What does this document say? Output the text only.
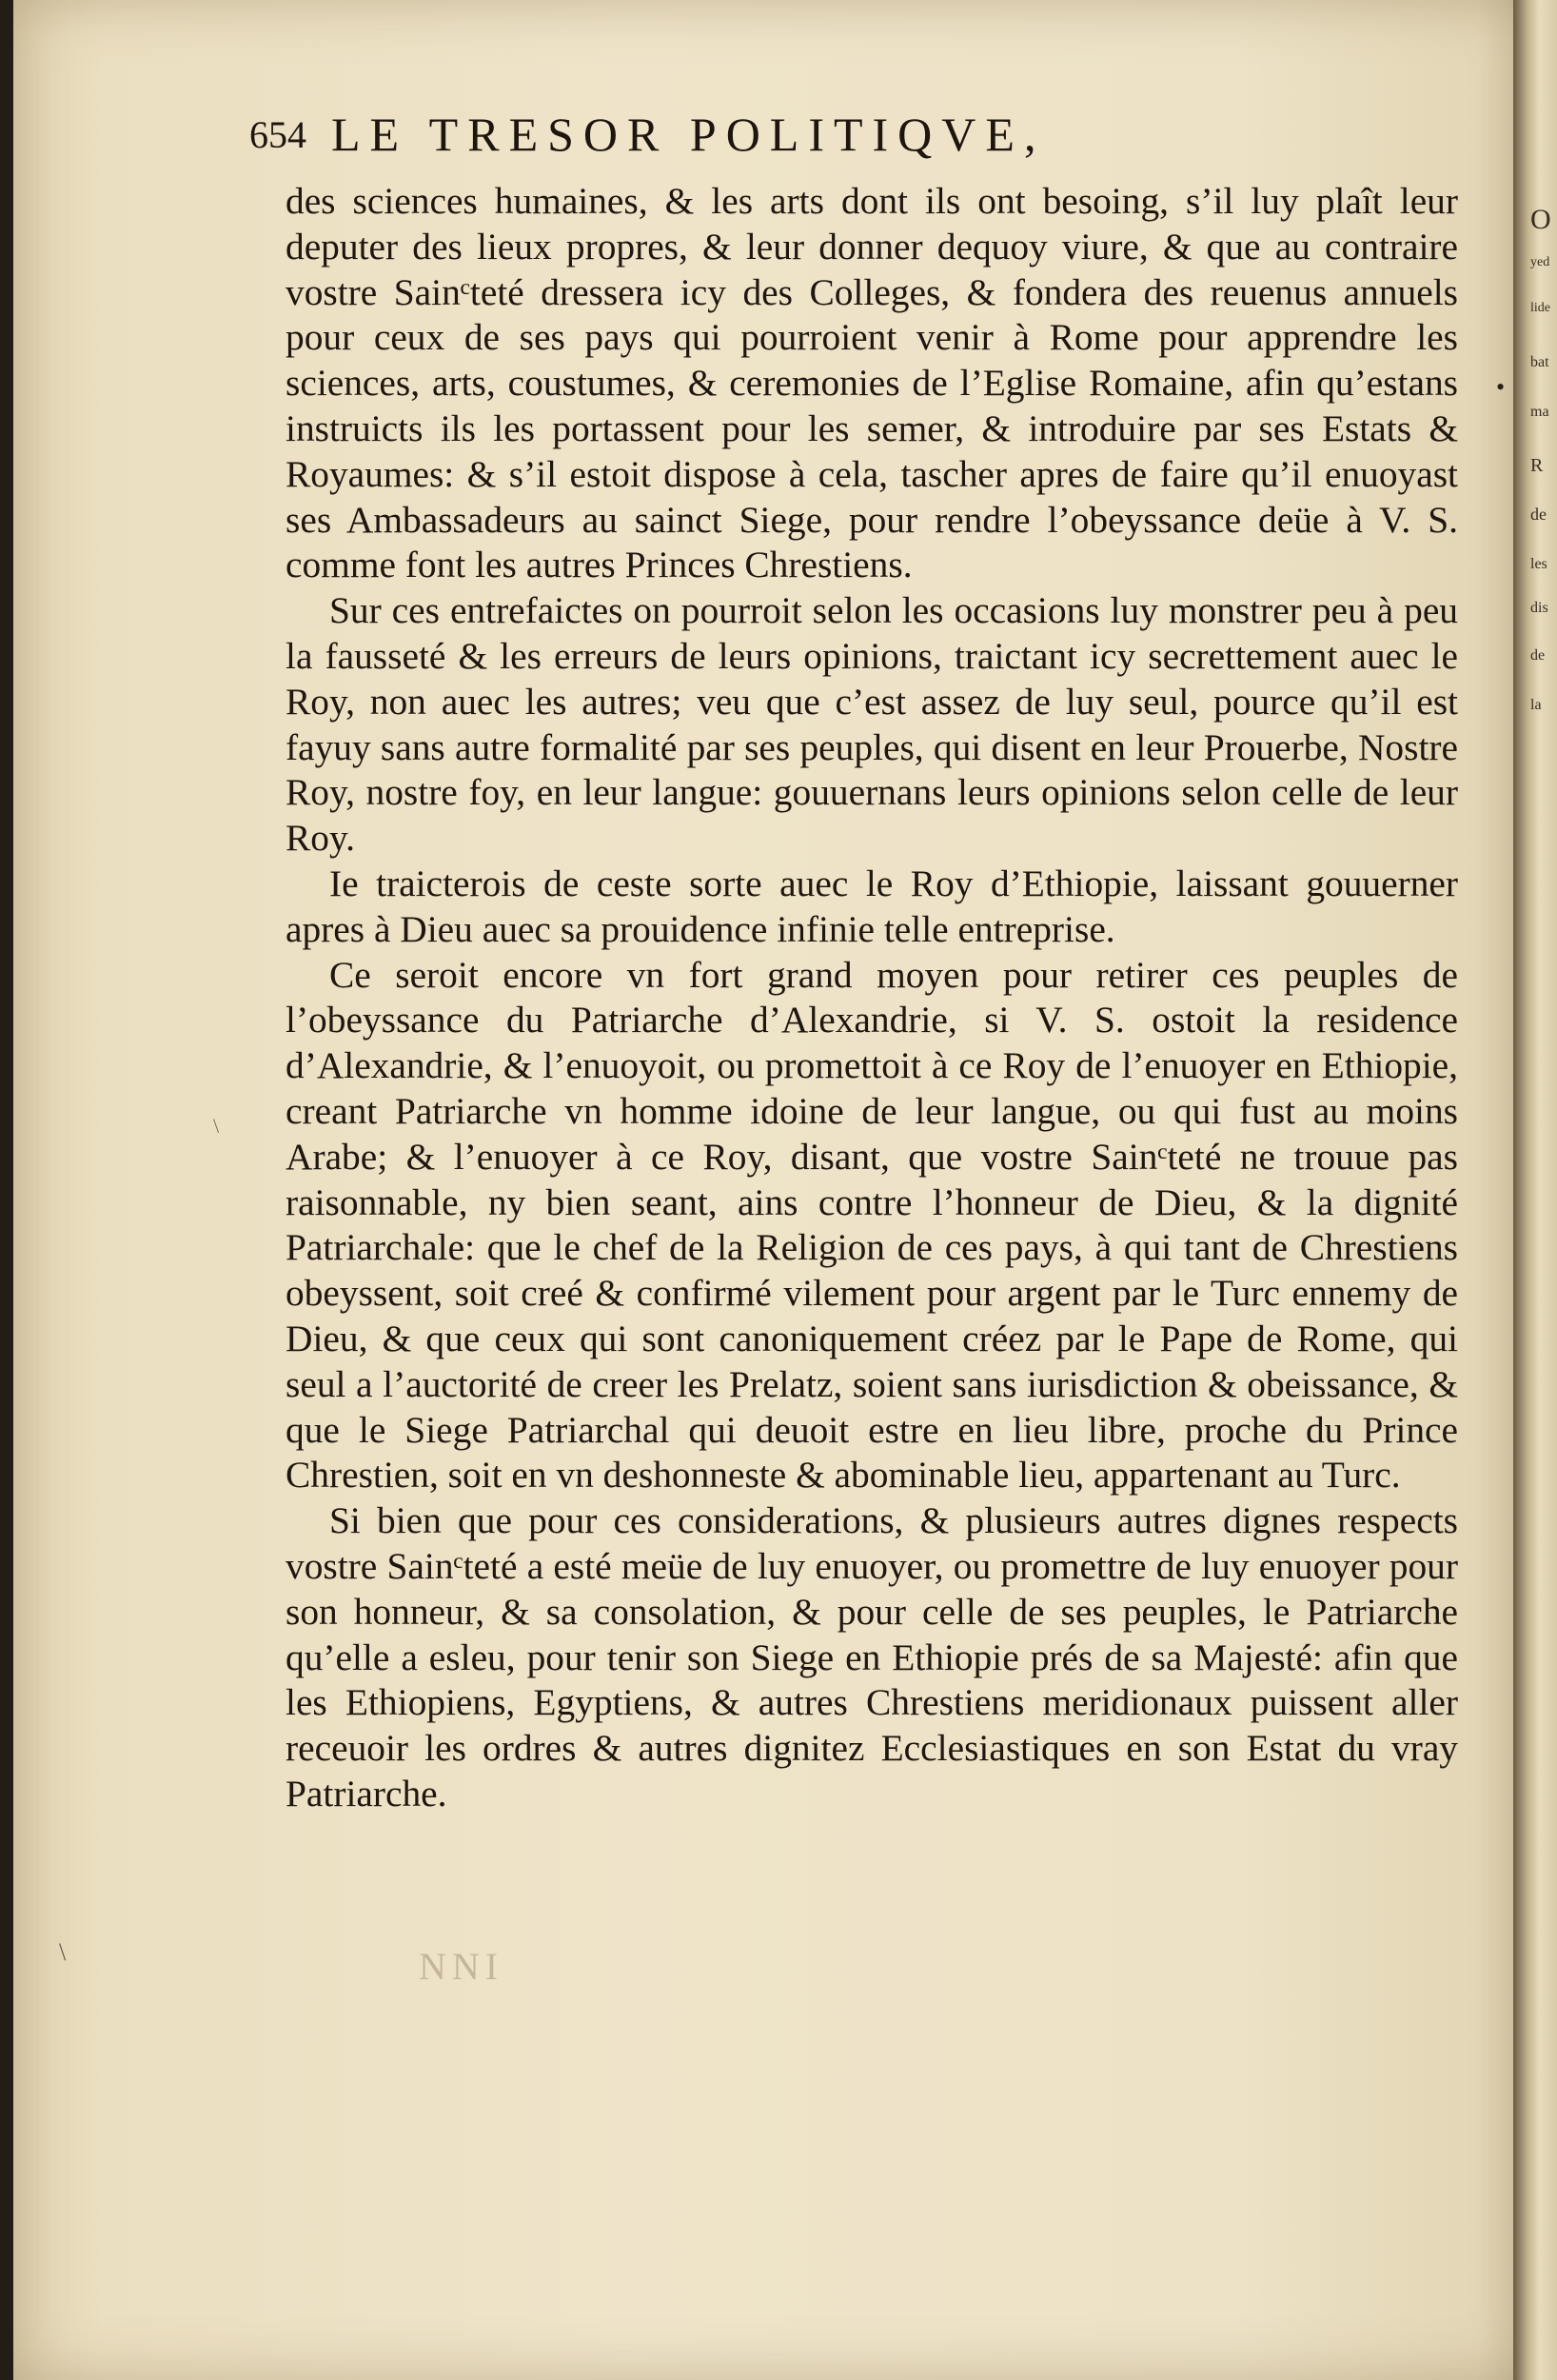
O
yed
lide
bat
ma
R
de
les
dis
de
la
654 LE TRESOR POLITIQVE,

des sciences humaines, & les arts dont ils ont besoing, s’il luy plaît leur deputer des lieux propres, & leur donner dequoy viure, & que au contraire vostre Sainᶜteté dressera icy des Colleges, & fondera des reuenus annuels pour ceux de ses pays qui pourroient venir à Rome pour apprendre les sciences, arts, coustumes, & ceremonies de l’Eglise Romaine, afin qu’estans instruicts ils les portassent pour les semer, & introduire par ses Estats & Royaumes: & s’il estoit dispose à cela, tascher apres de faire qu’il enuoyast ses Ambassadeurs au sainct Siege, pour rendre l’obeyssance deüe à V. S. comme font les autres Princes Chrestiens.

Sur ces entrefaictes on pourroit selon les occasions luy monstrer peu à peu la fausseté & les erreurs de leurs opinions, traictant icy secrettement auec le Roy, non auec les autres; veu que c’est assez de luy seul, pource qu’il est fayuy sans autre formalité par ses peuples, qui disent en leur Prouerbe, Nostre Roy, nostre foy, en leur langue: gouuernans leurs opinions selon celle de leur Roy.

Ie traicterois de ceste sorte auec le Roy d’Ethiopie, laissant gouuerner apres à Dieu auec sa prouidence infinie telle entreprise.

Ce seroit encore vn fort grand moyen pour retirer ces peuples de l’obeyssance du Patriarche d’Alexandrie, si V. S. ostoit la residence d’Alexandrie, & l’enuoyoit, ou promettoit à ce Roy de l’enuoyer en Ethiopie, creant Patriarche vn homme idoine de leur langue, ou qui fust au moins Arabe; & l’enuoyer à ce Roy, disant, que vostre Sainᶜteté ne trouue pas raisonnable, ny bien seant, ains contre l’honneur de Dieu, & la dignité Patriarchale: que le chef de la Religion de ces pays, à qui tant de Chrestiens obeyssent, soit creé & confirmé vilement pour argent par le Turc ennemy de Dieu, & que ceux qui sont canoniquement créez par le Pape de Rome, qui seul a l’auctorité de creer les Prelatz, soient sans iurisdiction & obeissance, & que le Siege Patriarchal qui deuoit estre en lieu libre, proche du Prince Chrestien, soit en vn deshonneste & abominable lieu, appartenant au Turc.

Si bien que pour ces considerations, & plusieurs autres dignes respects vostre Sainᶜteté a esté meüe de luy enuoyer, ou promettre de luy enuoyer pour son honneur, & sa consolation, & pour celle de ses peuples, le Patriarche qu’elle a esleu, pour tenir son Siege en Ethiopie prés de sa Majesté: afin que les Ethiopiens, Egyptiens, & autres Chrestiens meridionaux puissent aller receuoir les ordres & autres dignitez Ecclesiastiques en son Estat du vray Patriarche.

NNI
•
\
\
